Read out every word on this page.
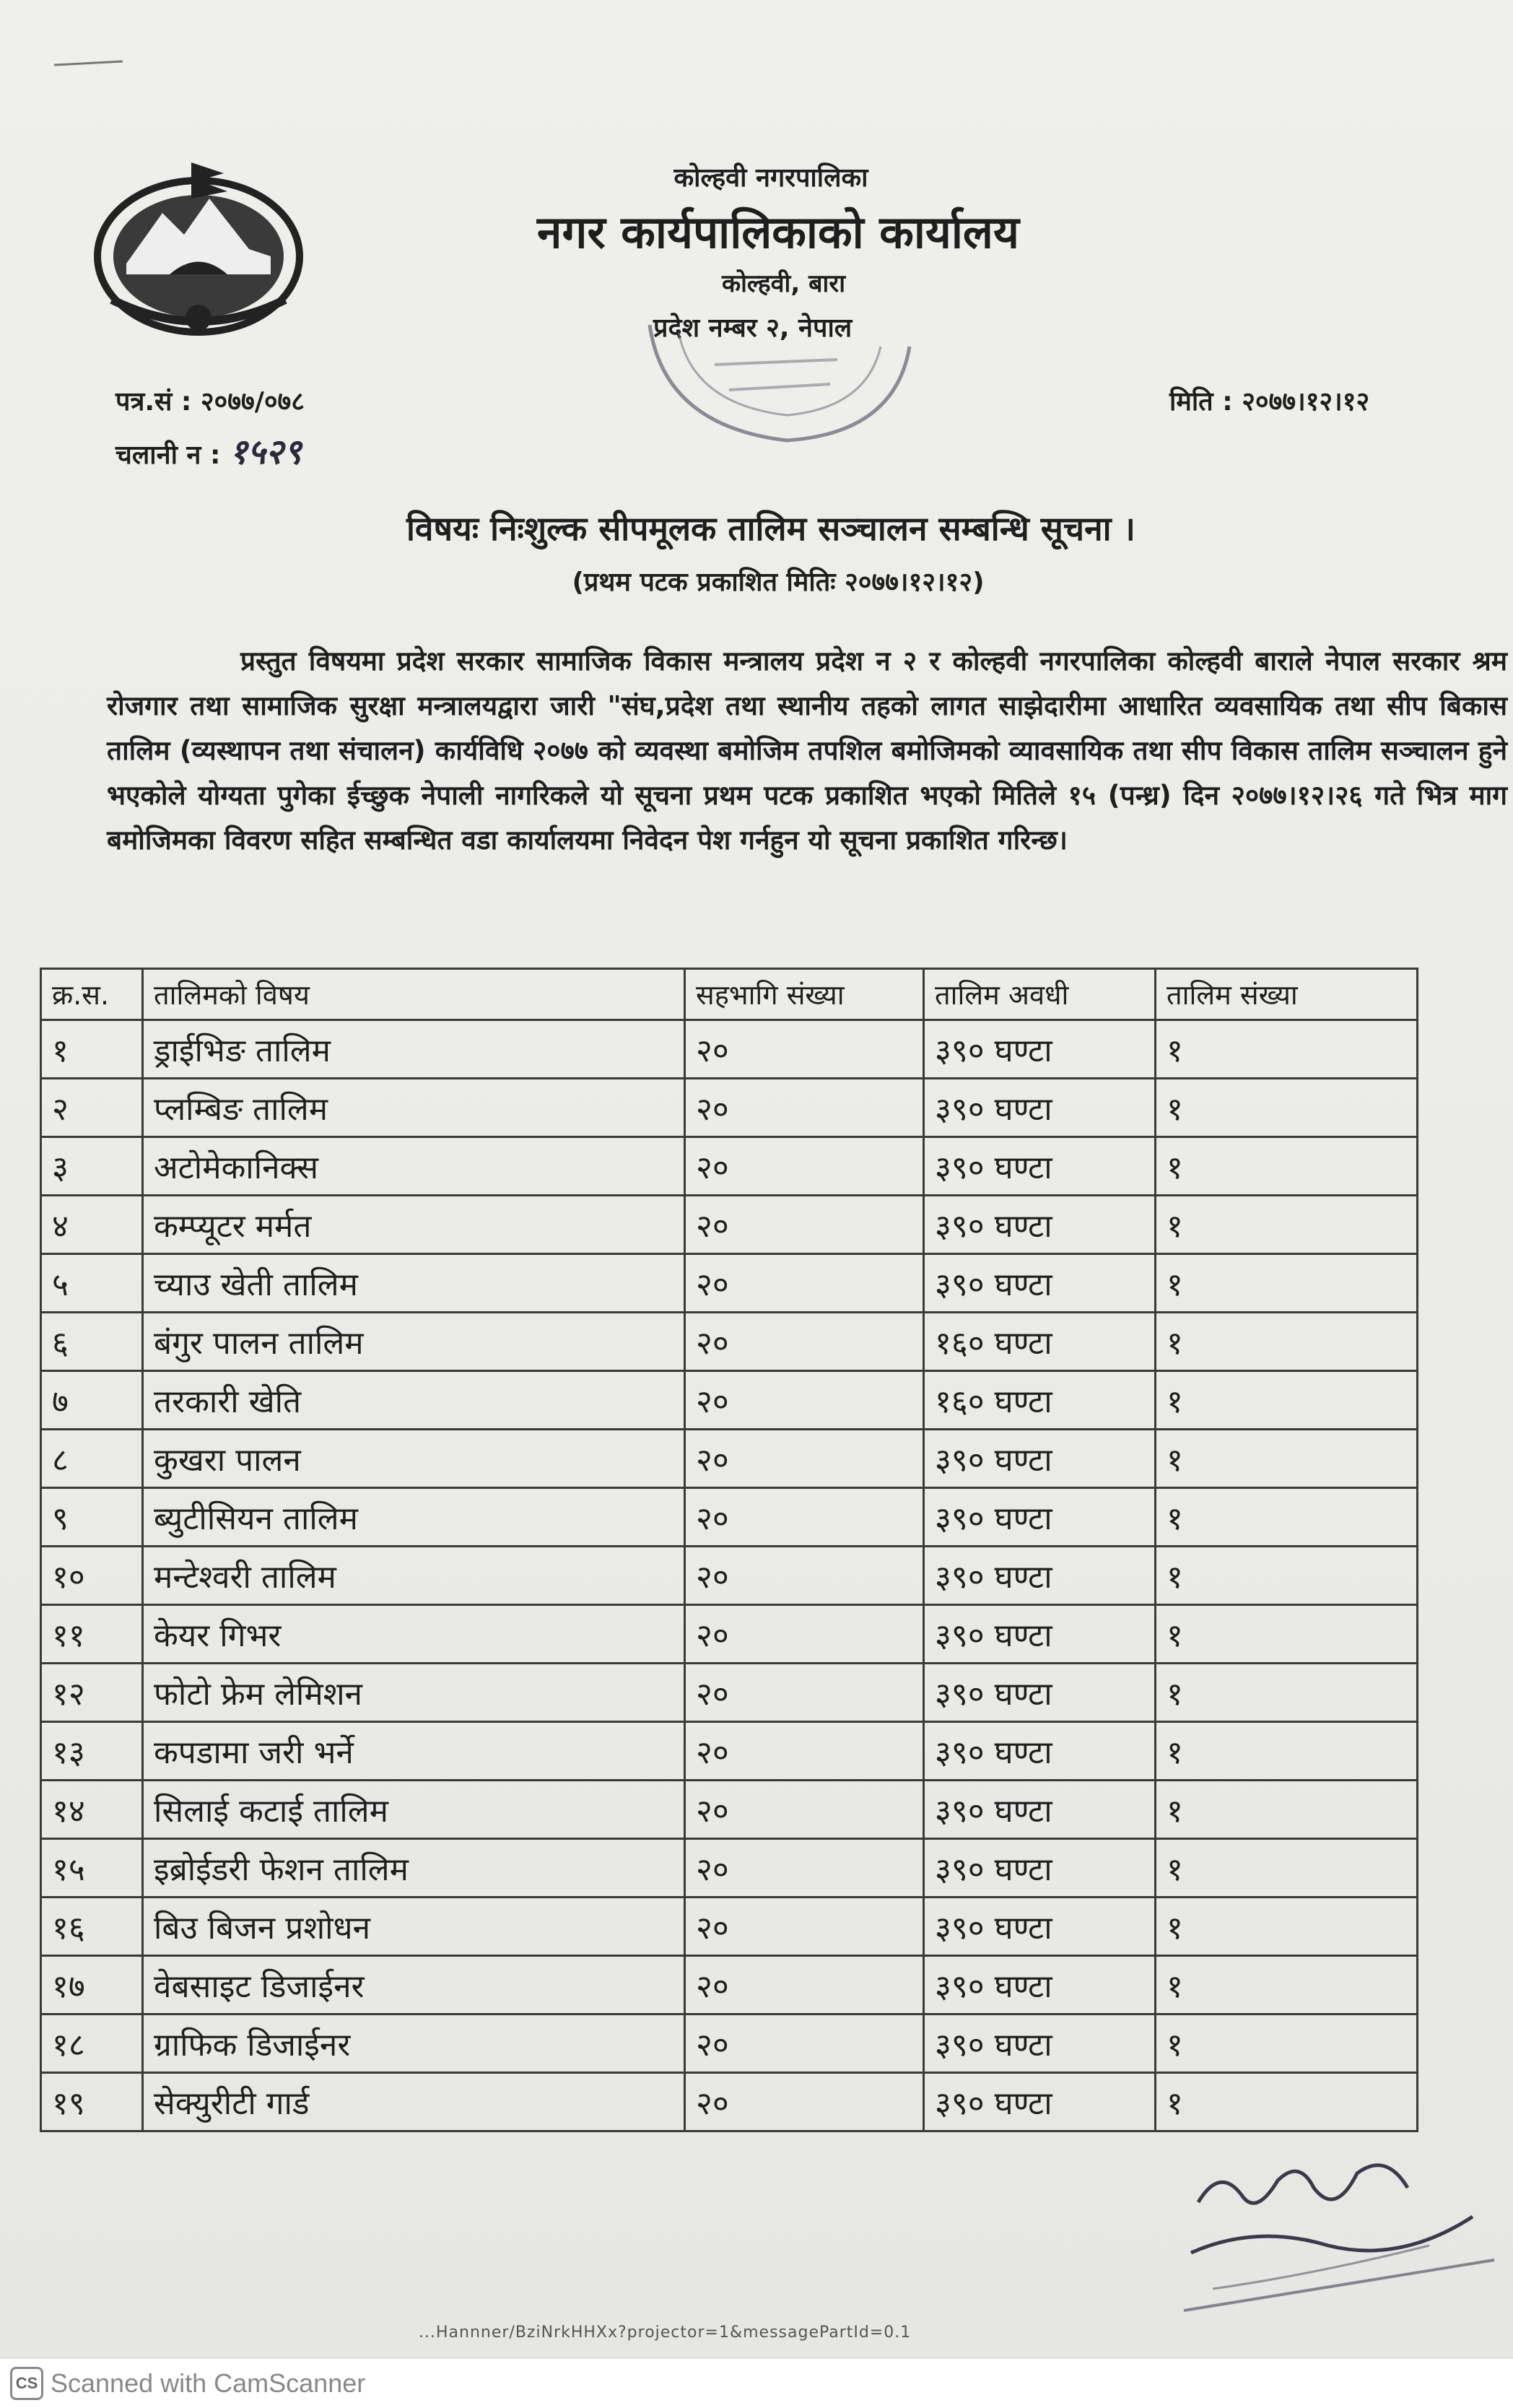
कोल्हवी नगरपालिका
नगर कार्यपालिकाको कार्यालय
कोल्हवी, बारा
प्रदेश नम्बर २, नेपाल
पत्र.सं : २०७७/०७८
चलानी न : १५२९
मिति : २०७७।१२।१२
विषयः निःशुल्क सीपमूलक तालिम सञ्चालन सम्बन्धि सूचना ।
(प्रथम पटक प्रकाशित मितिः २०७७।१२।१२)
प्रस्तुत विषयमा प्रदेश सरकार सामाजिक विकास मन्त्रालय प्रदेश न २ र कोल्हवी नगरपालिका कोल्हवी बाराले नेपाल सरकार श्रम रोजगार तथा सामाजिक सुरक्षा मन्त्रालयद्वारा जारी "संघ,प्रदेश तथा स्थानीय तहको लागत साझेदारीमा आधारित व्यवसायिक तथा सीप बिकास तालिम (व्यस्थापन तथा संचालन) कार्यविधि २०७७ को व्यवस्था बमोजिम तपशिल बमोजिमको व्यावसायिक तथा सीप विकास तालिम सञ्चालन हुने भएकोले योग्यता पुगेका ईच्छुक नेपाली नागरिकले यो सूचना प्रथम पटक प्रकाशित भएको मितिले १५ (पन्ध्र) दिन २०७७।१२।२६ गते भित्र माग बमोजिमका विवरण सहित सम्बन्धित वडा कार्यालयमा निवेदन पेश गर्नहुन यो सूचना प्रकाशित गरिन्छ।
क्र.स.	तालिमको विषय	सहभागि संख्या	तालिम अवधी	तालिम संख्या
१	ड्राईभिङ तालिम	२०	३९० घण्टा	१
२	प्लम्बिङ तालिम	२०	३९० घण्टा	१
३	अटोमेकानिक्स	२०	३९० घण्टा	१
४	कम्प्यूटर मर्मत	२०	३९० घण्टा	१
५	च्याउ खेती तालिम	२०	३९० घण्टा	१
६	बंगुर पालन तालिम	२०	१६० घण्टा	१
७	तरकारी खेति	२०	१६० घण्टा	१
८	कुखरा पालन	२०	३९० घण्टा	१
९	ब्युटीसियन तालिम	२०	३९० घण्टा	१
१०	मन्टेश्वरी तालिम	२०	३९० घण्टा	१
११	केयर गिभर	२०	३९० घण्टा	१
१२	फोटो फ्रेम लेमिशन	२०	३९० घण्टा	१
१३	कपडामा जरी भर्ने	२०	३९० घण्टा	१
१४	सिलाई कटाई तालिम	२०	३९० घण्टा	१
१५	इब्रोईडरी फेशन तालिम	२०	३९० घण्टा	१
१६	बिउ बिजन प्रशोधन	२०	३९० घण्टा	१
१७	वेबसाइट डिजाईनर	२०	३९० घण्टा	१
१८	ग्राफिक डिजाईनर	२०	३९० घण्टा	१
१९	सेक्युरीटी गार्ड	२०	३९० घण्टा	१
...Hannner/BziNrkHHXx?projector=1&messagePartId=0.1
CS Scanned with CamScanner
